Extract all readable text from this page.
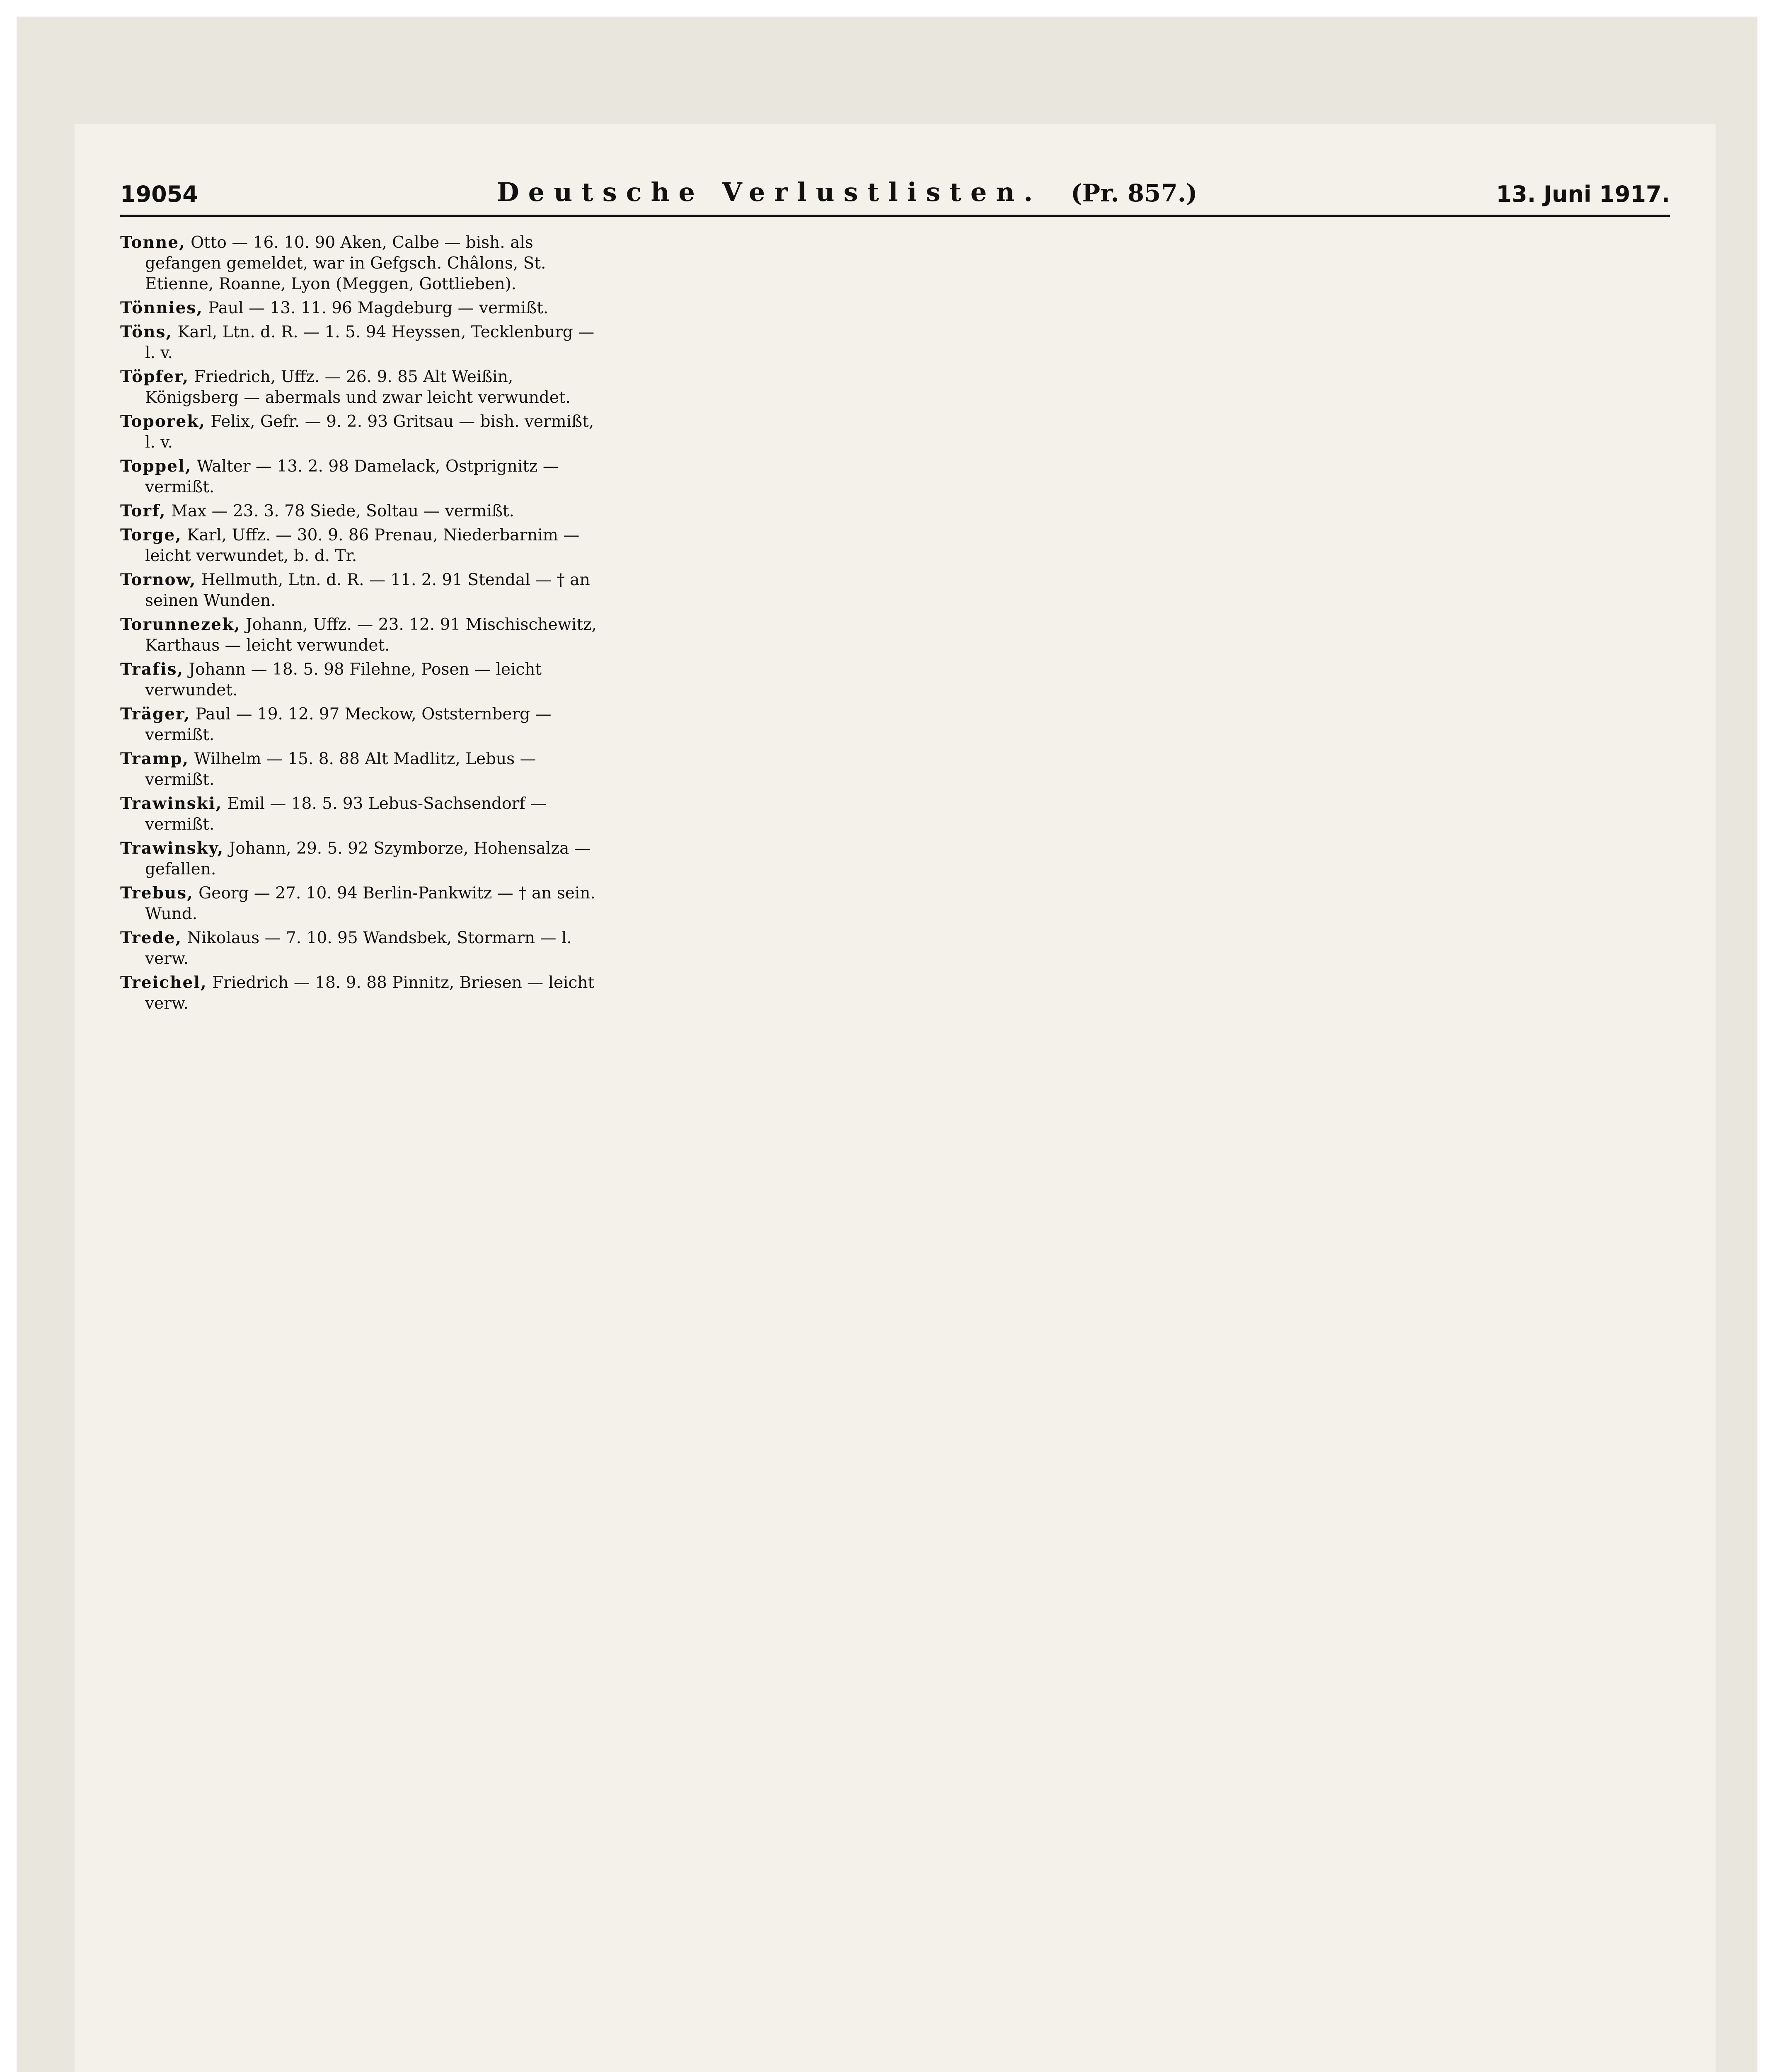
19054	Deutsche Verlustlisten. (Pr. 857.)	13. Juni 1917.

Tonne, Otto — 16. 10. 90 Aken, Calbe — bish. als gefangen gemeldet, war in Gefgsch. Châlons, St. Etienne, Roanne, Lyon (Meggen, Gottlieben).

Tönnies, Paul — 13. 11. 96 Magdeburg — vermißt.

Töns, Karl, Ltn. d. R. — 1. 5. 94 Heyssen, Tecklenburg — l. v.

Töpfer, Friedrich, Uffz. — 26. 9. 85 Alt Weißin, Königsberg — abermals und zwar leicht verwundet.

Toporek, Felix, Gefr. — 9. 2. 93 Gritsau — bish. vermißt, l. v.

Toppel, Walter — 13. 2. 98 Damelack, Ostprignitz — vermißt.

Torf, Max — 23. 3. 78 Siede, Soltau — vermißt.

Torge, Karl, Uffz. — 30. 9. 86 Prenau, Niederbarnim — leicht verwundet, b. d. Tr.

Tornow, Hellmuth, Ltn. d. R. — 11. 2. 91 Stendal — † an seinen Wunden.

Torunnezek, Johann, Uffz. — 23. 12. 91 Mischischewitz, Karthaus — leicht verwundet.

Trafis, Johann — 18. 5. 98 Filehne, Posen — leicht verwundet.

Träger, Paul — 19. 12. 97 Meckow, Oststernberg — vermißt.

Tramp, Wilhelm — 15. 8. 88 Alt Madlitz, Lebus — vermißt.

Trawinski, Emil — 18. 5. 93 Lebus-Sachsendorf — vermißt.

Trawinsky, Johann, 29. 5. 92 Szymborze, Hohensalza — gefallen.

Trebus, Georg — 27. 10. 94 Berlin-Pankwitz — † an sein. Wund.

Trede, Nikolaus — 7. 10. 95 Wandsbek, Stormarn — l. verw.

Treichel, Friedrich — 18. 9. 88 Pinnitz, Briesen — leicht verw.
